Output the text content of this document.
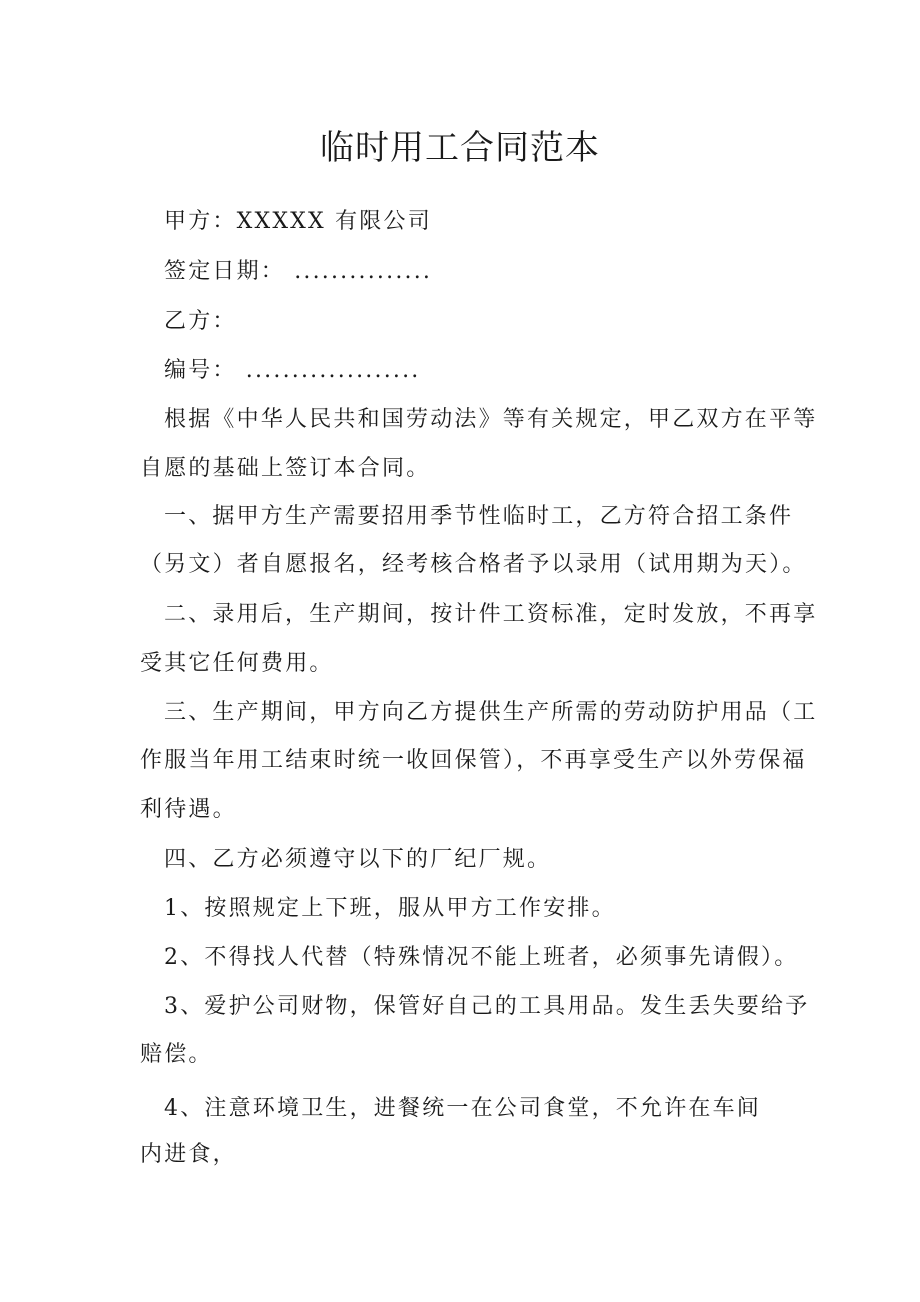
临时用工合同范本

甲方：XXXXX 有限公司

签定日期： ...............

乙方：

编号： ...................

根据《中华人民共和国劳动法》等有关规定，甲乙双方在平等

自愿的基础上签订本合同。

一、据甲方生产需要招用季节性临时工，乙方符合招工条件

（另文）者自愿报名，经考核合格者予以录用（试用期为天）。

二、录用后，生产期间，按计件工资标准，定时发放，不再享

受其它任何费用。

三、生产期间，甲方向乙方提供生产所需的劳动防护用品（工

作服当年用工结束时统一收回保管），不再享受生产以外劳保福

利待遇。

四、乙方必须遵守以下的厂纪厂规。

1、按照规定上下班，服从甲方工作安排。

2、不得找人代替（特殊情况不能上班者，必须事先请假）。

3、爱护公司财物，保管好自己的工具用品。发生丢失要给予

赔偿。

4、注意环境卫生，进餐统一在公司食堂，不允许在车间

内进食，
